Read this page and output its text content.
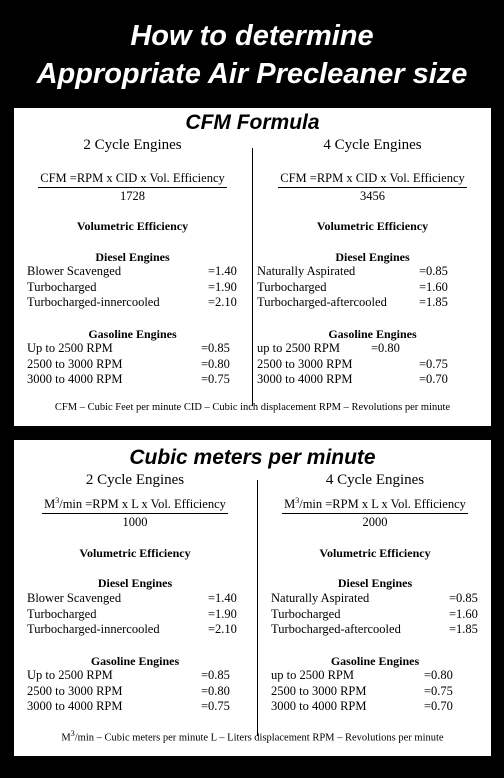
How to determine
Appropriate Air Precleaner size
CFM Formula
2 Cycle Engines
CFM =RPM x CID x Vol. Efficiency
1728
Volumetric Efficiency
Diesel Engines
Blower Scavenged	=1.40
Turbocharged	=1.90
Turbocharged-innercooled	=2.10
Gasoline Engines
Up to 2500 RPM	=0.85
2500 to 3000 RPM	=0.80
3000 to 4000 RPM	=0.75
4 Cycle Engines
CFM =RPM x CID x Vol. Efficiency
3456
Volumetric Efficiency
Diesel Engines
Naturally Aspirated	=0.85
Turbocharged	=1.60
Turbocharged-aftercooled	=1.85
Gasoline Engines
up to 2500 RPM =0.80
2500 to 3000 RPM	=0.75
3000 to 4000 RPM	=0.70
CFM – Cubic Feet per minute CID – Cubic inch displacement RPM – Revolutions per minute
Cubic meters per minute
2 Cycle Engines
$M^3/\min =RPM$ x L x Vol. Efficiency
1000
Volumetric Efficiency
Diesel Engines
Blower Scavenged	=1.40
Turbocharged	=1.90
Turbocharged-innercooled	=2.10
Gasoline Engines
Up to 2500 RPM	=0.85
2500 to 3000 RPM	=0.80
3000 to 4000 RPM	=0.75
4 Cycle Engines
$M^3/\min =RPM$ x L x Vol. Efficiency
2000
Volumetric Efficiency
Diesel Engines
Naturally Aspirated	=0.85
Turbocharged	=1.60
Turbocharged-aftercooled	=1.85
Gasoline Engines
up to 2500 RPM	=0.80
2500 to 3000 RPM	=0.75
3000 to 4000 RPM	=0.70
$M^3/\min$ – Cubic meters per minute L – Liters displacement RPM – Revolutions per minute
